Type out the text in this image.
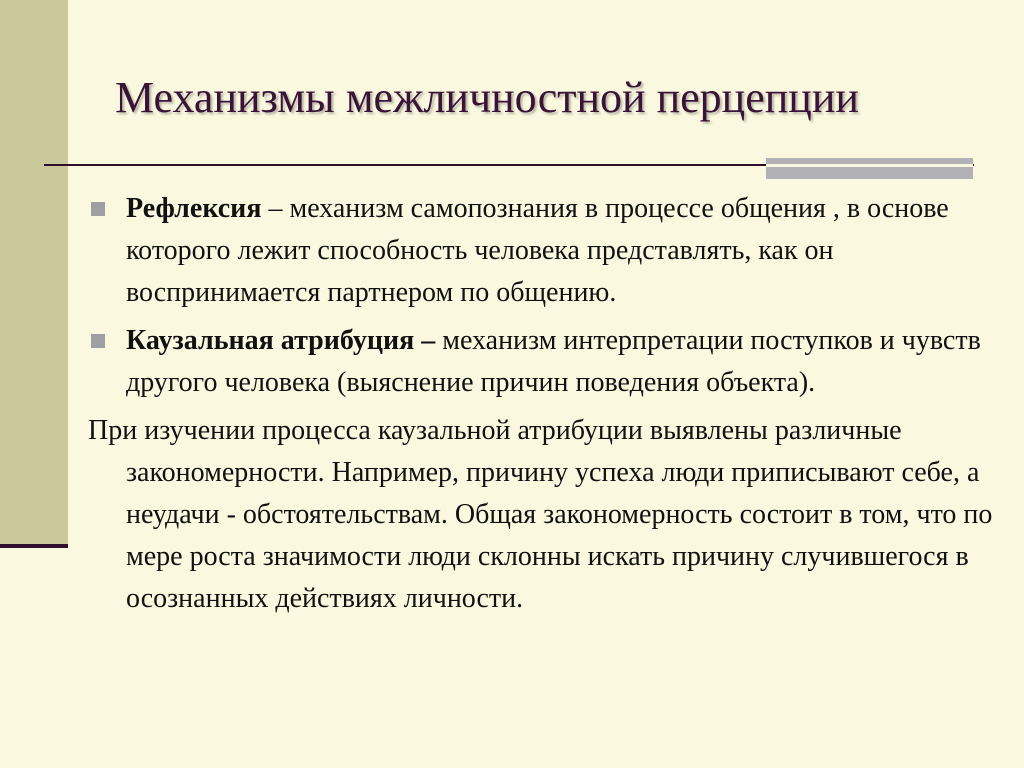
Механизмы межличностной перцепции
Рефлексия – механизм самопознания в процессе общения , в основе которого лежит способность человека представлять, как он воспринимается партнером по общению.
Каузальная атрибуция – механизм интерпретации поступков и чувств другого человека (выяснение причин поведения объекта).

При изучении процесса каузальной атрибуции выявлены различные закономерности. Например, причину успеха люди приписывают себе, а неудачи - обстоятельствам. Общая закономерность состоит в том, что по мере роста значимости люди склонны искать причину случившегося в осознанных действиях личности.
